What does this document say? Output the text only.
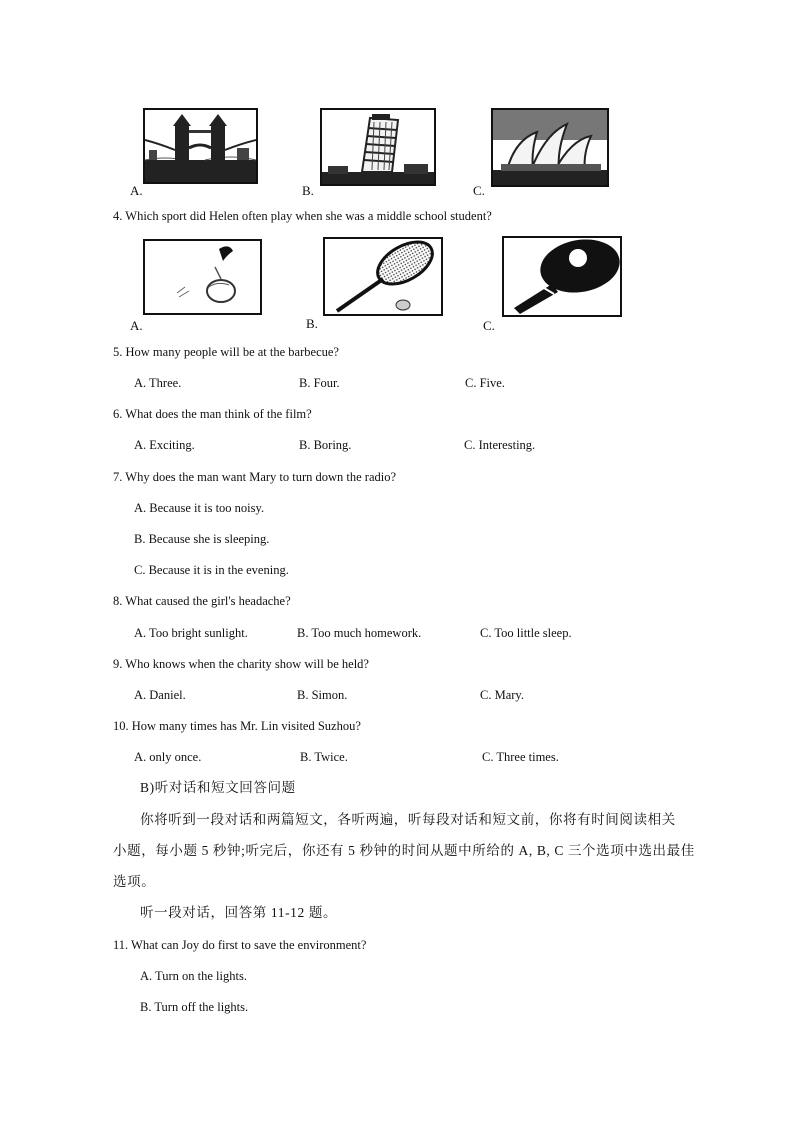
A.	B.	C.
4. Which sport did Helen often play when she was a middle school student?
A.	B.	C.
5. How many people will be at the barbecue?
A. Three.	B. Four.	C. Five.
6. What does the man think of the film?
A. Exciting.	B. Boring.	C. Interesting.
7. Why does the man want Mary to turn down the radio?
A. Because it is too noisy.
B. Because she is sleeping.
C. Because it is in the evening.
8. What caused the girl's headache?
A. Too bright sunlight.	B. Too much homework.	C. Too little sleep.
9. Who knows when the charity show will be held?
A. Daniel.	B. Simon.	C. Mary.
10. How many times has Mr. Lin visited Suzhou?
A. only once.	B. Twice.	C. Three times.
B)听对话和短文回答问题
你将听到一段对话和两篇短文，各听两遍，听每段对话和短文前，你将有时间阅读相关
小题，每小题 5 秒钟;听完后，你还有 5 秒钟的时间从题中所给的 A, B, C 三个选项中选出最佳
选项。
听一段对话，回答第 11-12 题。
11. What can Joy do first to save the environment?
A. Turn on the lights.
B. Turn off the lights.
